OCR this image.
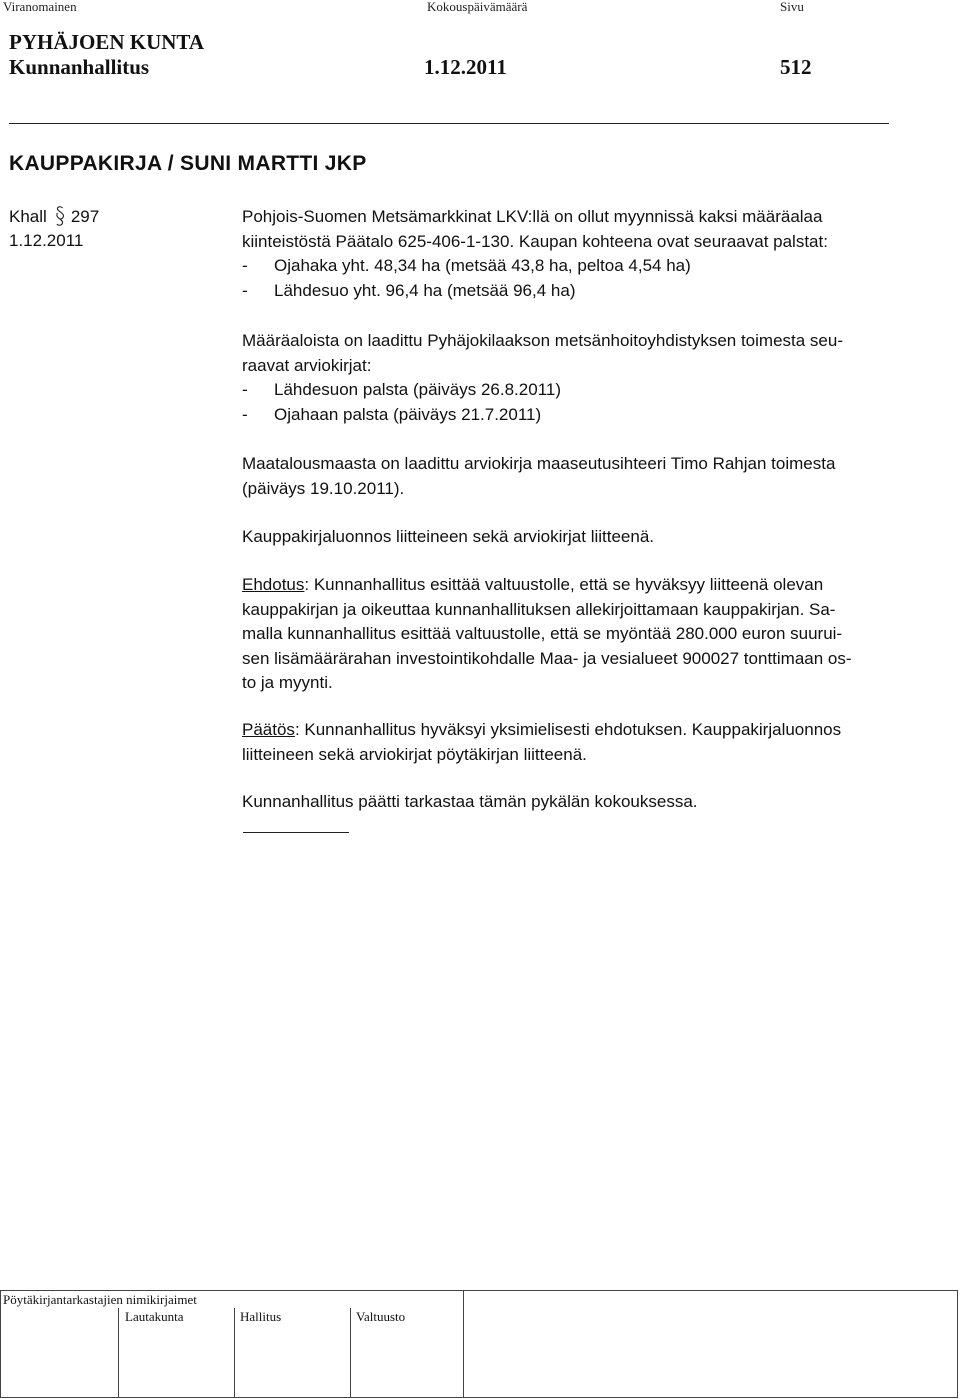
Viranomainen	Kokouspäivämäärä	Sivu
PYHÄJOEN KUNTA
Kunnanhallitus	1.12.2011	512
KAUPPAKIRJA / SUNI MARTTI JKP
Khall 297
1.12.2011
Pohjois-Suomen Metsämarkkinat LKV:llä on ollut myynnissä kaksi määräalaa
kiinteistöstä Päätalo 625-406-1-130. Kaupan kohteena ovat seuraavat palstat:
- Ojahaka yht. 48,34 ha (metsää 43,8 ha, peltoa 4,54 ha)
- Lähdesuo yht. 96,4 ha (metsää 96,4 ha)
Määräaloista on laadittu Pyhäjokilaakson metsänhoitoyhdistyksen toimesta seu-
raavat arviokirjat:
- Lähdesuon palsta (päiväys 26.8.2011)
- Ojahaan palsta (päiväys 21.7.2011)
Maatalousmaasta on laadittu arviokirja maaseutusihteeri Timo Rahjan toimesta
(päiväys 19.10.2011).
Kauppakirjaluonnos liitteineen sekä arviokirjat liitteenä.
Ehdotus: Kunnanhallitus esittää valtuustolle, että se hyväksyy liitteenä olevan
kauppakirjan ja oikeuttaa kunnanhallituksen allekirjoittamaan kauppakirjan. Sa-
malla kunnanhallitus esittää valtuustolle, että se myöntää 280.000 euron suurui-
sen lisämäärärahan investointikohdalle Maa- ja vesialueet 900027 tonttimaan os-
to ja myynti.
Päätös: Kunnanhallitus hyväksyi yksimielisesti ehdotuksen. Kauppakirjaluonnos
liitteineen sekä arviokirjat pöytäkirjan liitteenä.
Kunnanhallitus päätti tarkastaa tämän pykälän kokouksessa.
Pöytäkirjantarkastajien nimikirjaimet
Lautakunta	Hallitus	Valtuusto
